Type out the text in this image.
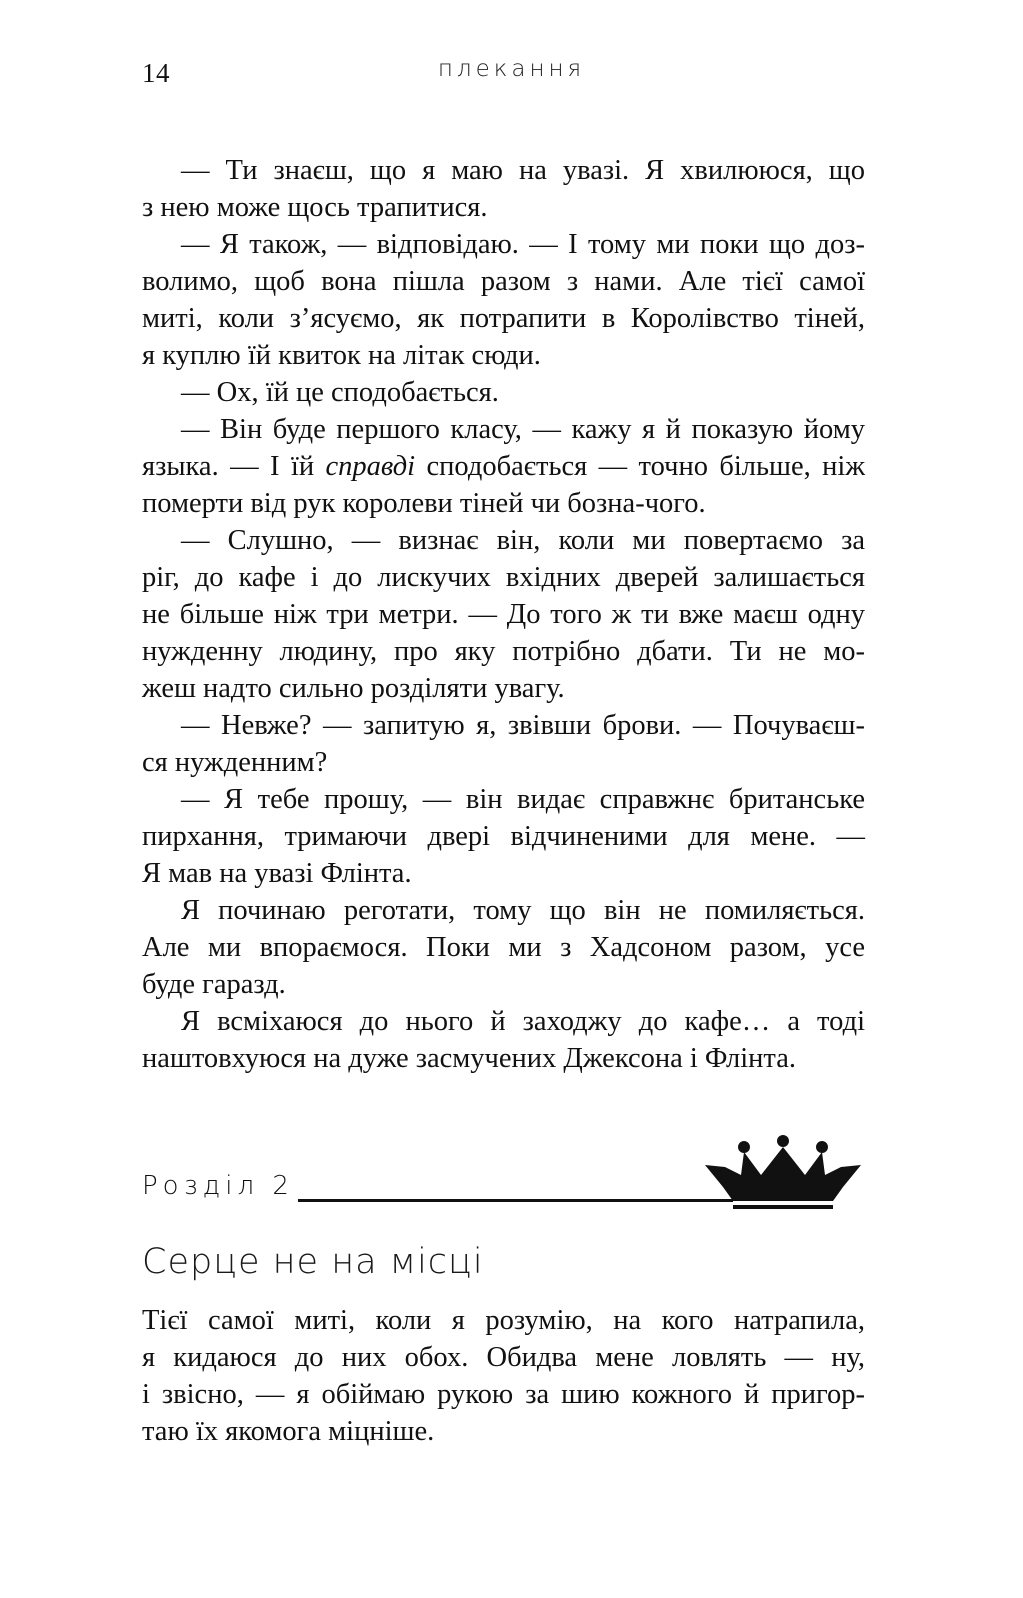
14	плекання
— Ти знаєш, що я маю на увазі. Я хвилююся, що
з нею може щось трапитися.
— Я також, — відповідаю. — І тому ми поки що доз-
волимо, щоб вона пішла разом з нами. Але тієї самої
миті, коли з’ясуємо, як потрапити в Королівство тіней,
я куплю їй квиток на літак сюди.
— Ох, їй це сподобається.
— Він буде першого класу, — кажу я й показую йому
языка. — І їй справді сподобається — точно більше, ніж
померти від рук королеви тіней чи бозна-чого.
— Слушно, — визнає він, коли ми повертаємо за
ріг, до кафе і до лискучих вхідних дверей залишається
не більше ніж три метри. — До того ж ти вже маєш одну
нужденну людину, про яку потрібно дбати. Ти не мо-
жеш надто сильно розділяти увагу.
— Невже? — запитую я, звівши брови. — Почуваєш-
ся нужденним?
— Я тебе прошу, — він видає справжнє британське
пирхання, тримаючи двері відчиненими для мене. —
Я мав на увазі Флінта.
Я починаю реготати, тому що він не помиляється.
Але ми впораємося. Поки ми з Хадсоном разом, усе
буде гаразд.
Я всміхаюся до нього й заходжу до кафе… а тоді
наштовхуюся на дуже засмучених Джексона і Флінта.
Розділ 2
Серце не на місці
Тієї самої миті, коли я розумію, на кого натрапила,
я кидаюся до них обох. Обидва мене ловлять — ну,
і звісно, — я обіймаю рукою за шию кожного й пригор-
таю їх якомога міцніше.
